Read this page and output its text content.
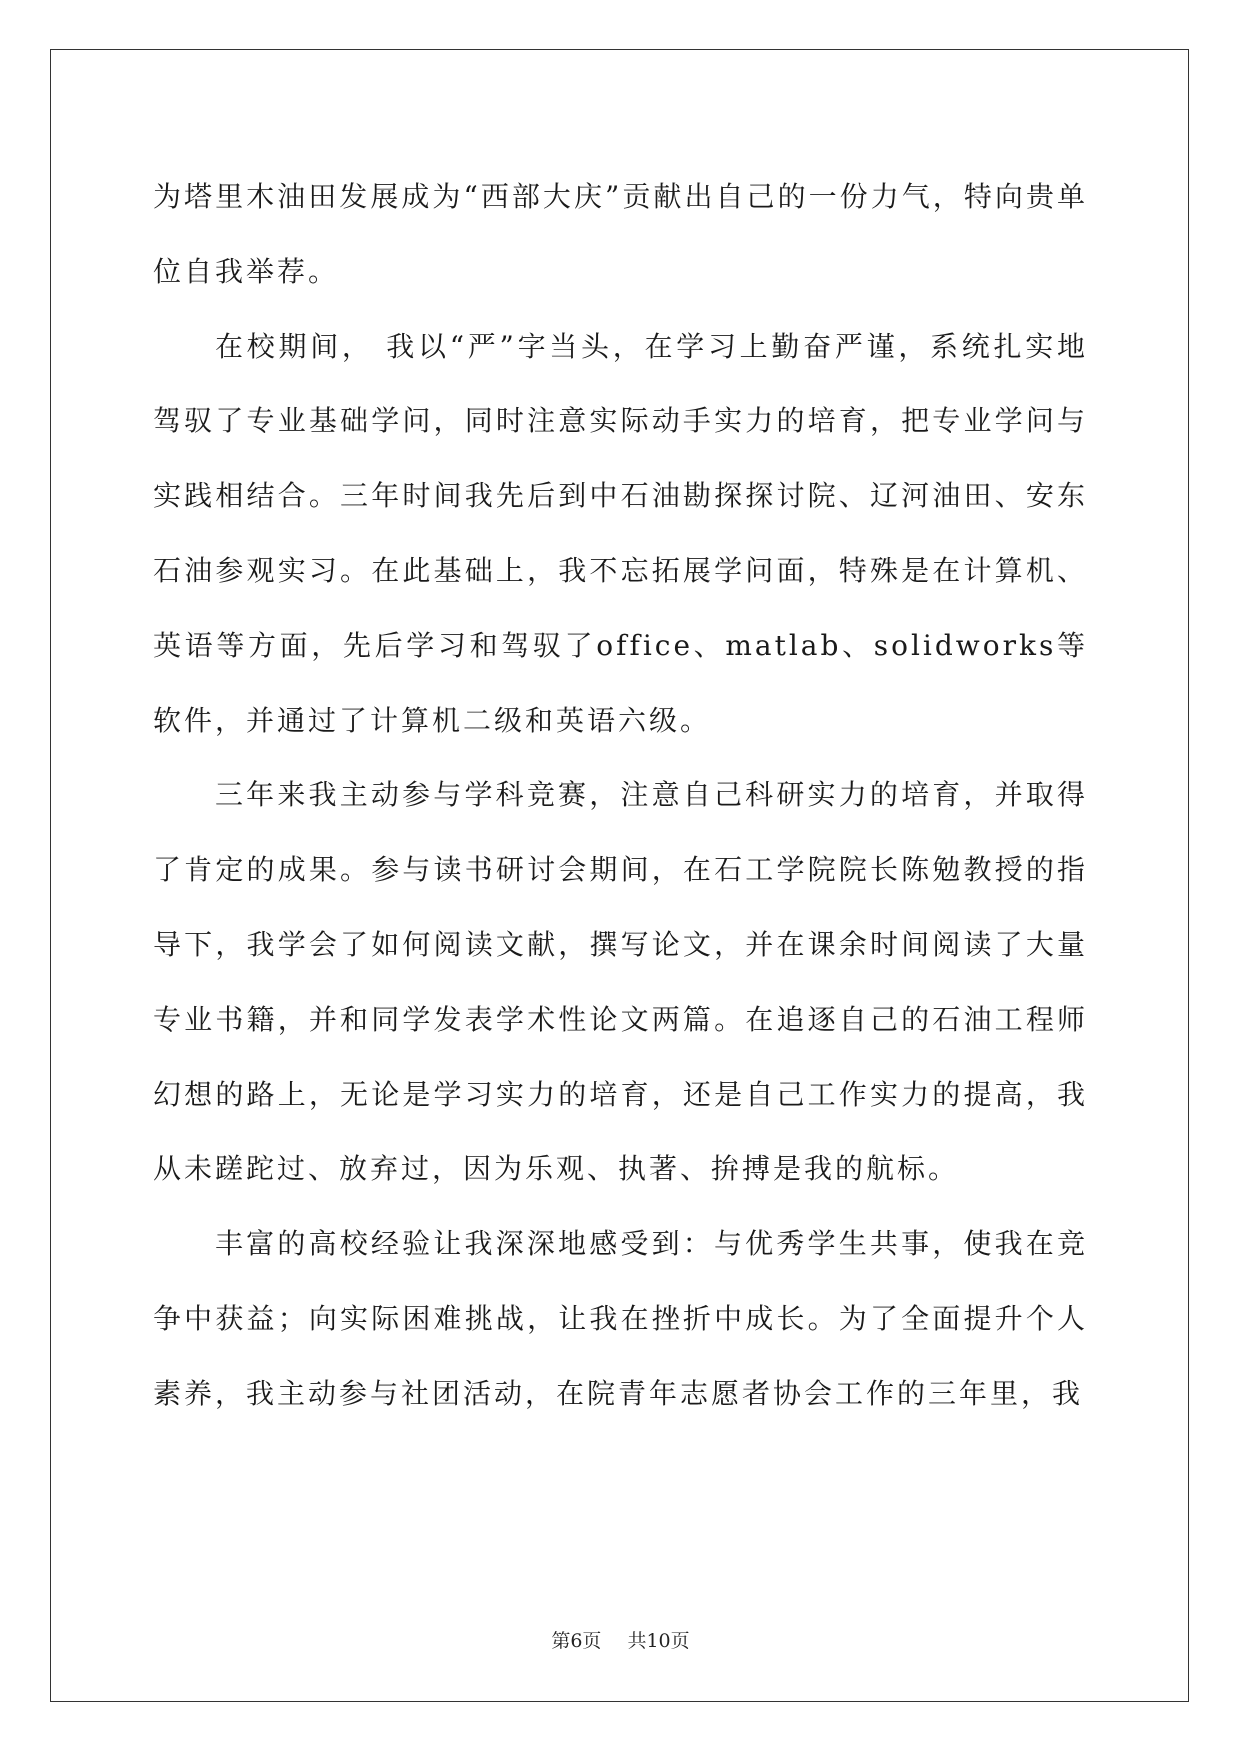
为塔里木油田发展成为“西部大庆”贡献出自己的一份力气，特向贵单位自我举荐。

在校期间， 我以“严”字当头，在学习上勤奋严谨，系统扎实地驾驭了专业基础学问，同时注意实际动手实力的培育，把专业学问与实践相结合。三年时间我先后到中石油勘探探讨院、辽河油田、安东石油参观实习。在此基础上，我不忘拓展学问面，特殊是在计算机、英语等方面，先后学习和驾驭了office、matlab、solidworks等软件，并通过了计算机二级和英语六级。

三年来我主动参与学科竞赛，注意自己科研实力的培育，并取得了肯定的成果。参与读书研讨会期间，在石工学院院长陈勉教授的指导下，我学会了如何阅读文献，撰写论文，并在课余时间阅读了大量专业书籍，并和同学发表学术性论文两篇。在追逐自己的石油工程师幻想的路上，无论是学习实力的培育，还是自己工作实力的提高，我从未蹉跎过、放弃过，因为乐观、执著、拚搏是我的航标。

丰富的高校经验让我深深地感受到：与优秀学生共事，使我在竞争中获益；向实际困难挑战，让我在挫折中成长。为了全面提升个人素养，我主动参与社团活动，在院青年志愿者协会工作的三年里，我

第6页 共10页
